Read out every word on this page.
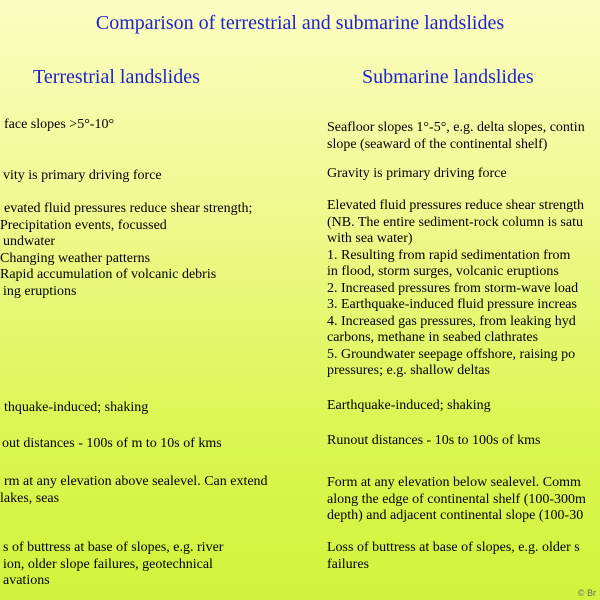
Comparison of terrestrial and submarine landslides
Terrestrial landslides	Submarine landslides
face slopes >5°-10°
vity is primary driving force
evated fluid pressures reduce shear strength;
Precipitation events, focussed
undwater
Changing weather patterns
Rapid accumulation of volcanic debris
ing eruptions
thquake-induced; shaking
out distances - 100s of m to 10s of kms
rm at any elevation above sealevel. Can extend
lakes, seas
s of buttress at base of slopes, e.g. river
ion, older slope failures, geotechnical
avations
Seafloor slopes 1°-5°, e.g. delta slopes, contin
slope (seaward of the continental shelf)
Gravity is primary driving force
Elevated fluid pressures reduce shear strength
(NB. The entire sediment-rock column is satu
with sea water)
1. Resulting from rapid sedimentation from
in flood, storm surges, volcanic eruptions
2. Increased pressures from storm-wave load
3. Earthquake-induced fluid pressure increas
4. Increased gas pressures, from leaking hyd
carbons, methane in seabed clathrates
5. Groundwater seepage offshore, raising po
pressures; e.g. shallow deltas
Earthquake-induced; shaking
Runout distances - 10s to 100s of kms
Form at any elevation below sealevel. Comm
along the edge of continental shelf (100-300m
depth) and adjacent continental slope (100-30
Loss of buttress at base of slopes, e.g. older s
failures
© Br
